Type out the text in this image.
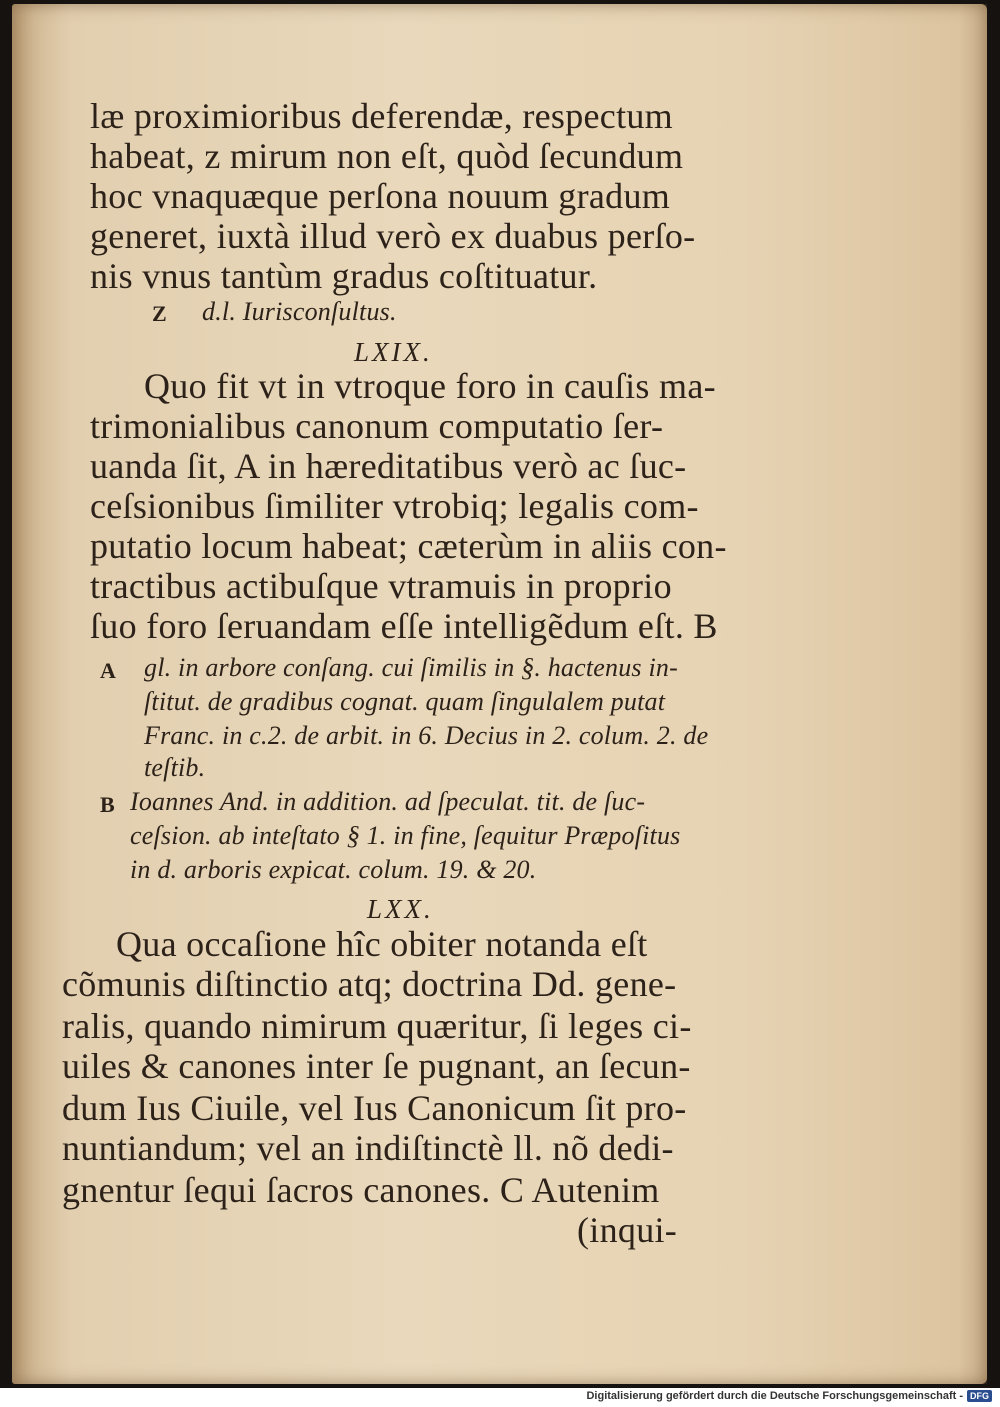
læ proximioribus deferendæ, respectum
habeat, z mirum non eſt, quòd ſecundum
hoc vnaquæque perſona nouum gradum
generet, iuxtà illud verò ex duabus perſo-
nis vnus tantùm gradus coſtituatur.
Z d.l. Iurisconſultus.
LXIX.
Quo fit vt in vtroque foro in cauſis ma-
trimonialibus canonum computatio ſer-
uanda ſit, A in hæreditatibus verò ac ſuc-
ceſsionibus ſimiliter vtrobiq; legalis com-
putatio locum habeat; cæterùm in aliis con-
tractibus actibuſque vtramuis in proprio
ſuo foro ſeruandam eſſe intelligẽdum eſt. B
A gl. in arbore conſang. cui ſimilis in §. hactenus in-
ſtitut. de gradibus cognat. quam ſingulalem putat
Franc. in c.2. de arbit. in 6. Decius in 2. colum. 2. de
teſtib.
B Ioannes And. in addition. ad ſpeculat. tit. de ſuc-
ceſsion. ab inteſtato § 1. in fine, ſequitur Præpoſitus
in d. arboris expicat. colum. 19. & 20.
LXX.
Qua occaſione hîc obiter notanda eſt
cõmunis diſtinctio atq; doctrina Dd. gene-
ralis, quando nimirum quæritur, ſi leges ci-
uiles & canones inter ſe pugnant, an ſecun-
dum Ius Ciuile, vel Ius Canonicum ſit pro-
nuntiandum; vel an indiſtinctè ll. nõ dedi-
gnentur ſequi ſacros canones. C Autenim
(inqui-
Digitalisierung gefördert durch die Deutsche Forschungsgemeinschaft - DFG
